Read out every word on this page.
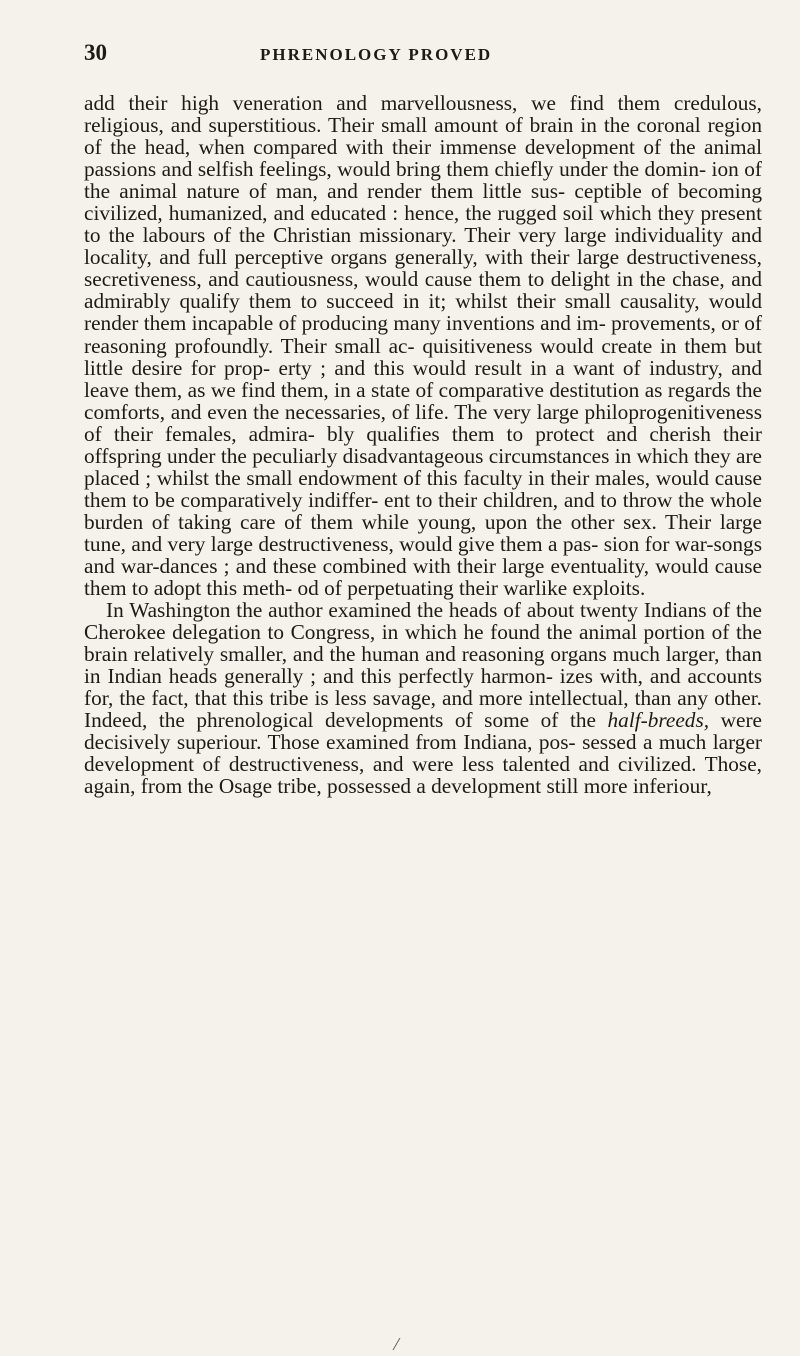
30	PHRENOLOGY PROVED

add their high veneration and marvellousness, we find them credulous, religious, and superstitious. Their small amount of brain in the coronal region of the head, when compared with their immense development of the animal passions and selfish feelings, would bring them chiefly under the domin- ion of the animal nature of man, and render them little sus- ceptible of becoming civilized, humanized, and educated : hence, the rugged soil which they present to the labours of the Christian missionary. Their very large individuality and locality, and full perceptive organs generally, with their large destructiveness, secretiveness, and cautiousness, would cause them to delight in the chase, and admirably qualify them to succeed in it; whilst their small causality, would render them incapable of producing many inventions and im- provements, or of reasoning profoundly. Their small ac- quisitiveness would create in them but little desire for prop- erty ; and this would result in a want of industry, and leave them, as we find them, in a state of comparative destitution as regards the comforts, and even the necessaries, of life. The very large philoprogenitiveness of their females, admira- bly qualifies them to protect and cherish their offspring under the peculiarly disadvantageous circumstances in which they are placed ; whilst the small endowment of this faculty in their males, would cause them to be comparatively indiffer- ent to their children, and to throw the whole burden of taking care of them while young, upon the other sex. Their large tune, and very large destructiveness, would give them a pas- sion for war-songs and war-dances ; and these combined with their large eventuality, would cause them to adopt this meth- od of perpetuating their warlike exploits.

In Washington the author examined the heads of about twenty Indians of the Cherokee delegation to Congress, in which he found the animal portion of the brain relatively smaller, and the human and reasoning organs much larger, than in Indian heads generally ; and this perfectly harmon- izes with, and accounts for, the fact, that this tribe is less savage, and more intellectual, than any other. Indeed, the phrenological developments of some of the half-breeds, were decisively superiour. Those examined from Indiana, pos- sessed a much larger development of destructiveness, and were less talented and civilized. Those, again, from the Osage tribe, possessed a development still more inferiour,
